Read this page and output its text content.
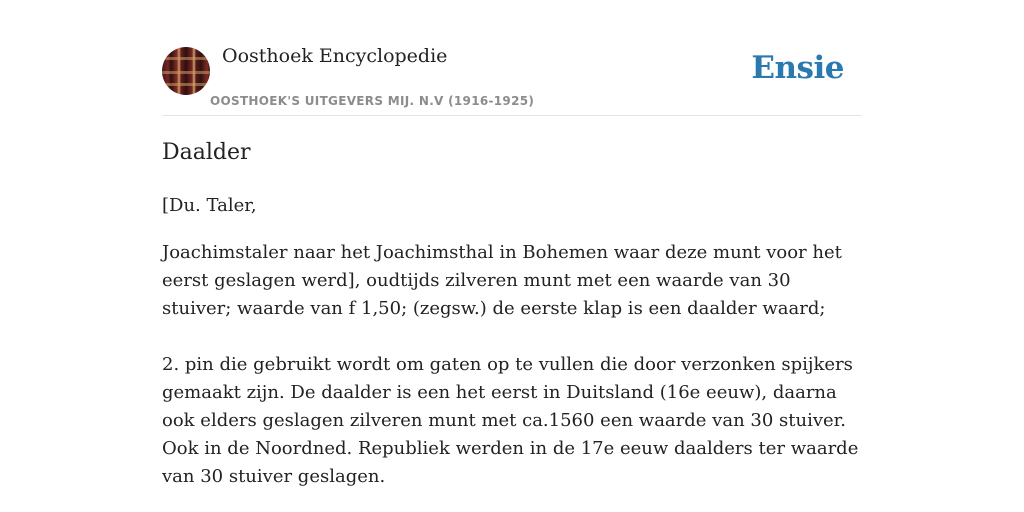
Oosthoek Encyclopedie
OOSTHOEK'S UITGEVERS MIJ. N.V (1916-1925)
Ensie
Daalder

[Du. Taler,

Joachimstaler naar het Joachimsthal in Bohemen waar deze munt voor het eerst geslagen werd], oudtijds zilveren munt met een waarde van 30 stuiver; waarde van f 1,50; (zegsw.) de eerste klap is een daalder waard;

2. pin die gebruikt wordt om gaten op te vullen die door verzonken spijkers gemaakt zijn. De daalder is een het eerst in Duitsland (16e eeuw), daarna ook elders geslagen zilveren munt met ca.1560 een waarde van 30 stuiver. Ook in de Noordned. Republiek werden in de 17e eeuw daalders ter waarde van 30 stuiver geslagen.
